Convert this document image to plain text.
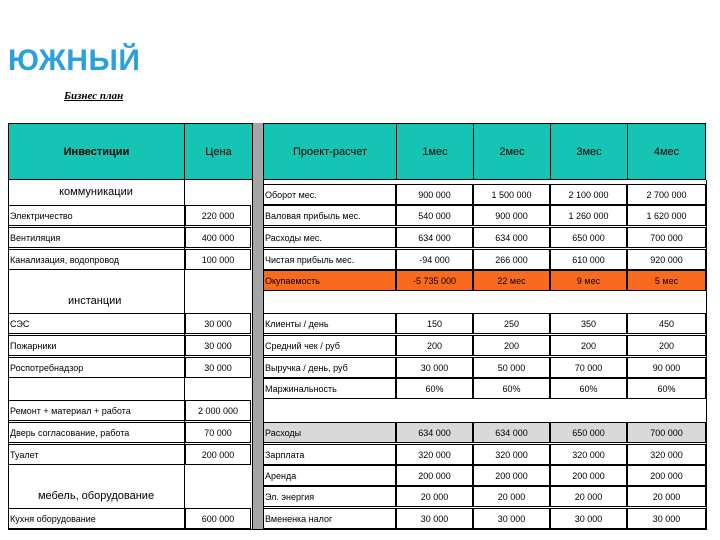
ЮЖНЫЙ
Бизнес план
Инвестиции	Цена	Проект-расчет	1мес	2мес	3мес	4мес
коммуникации
инстанции
мебель, оборудование
Электричество	220 000
Вентиляция	400 000
Канализация, водопровод	100 000
СЭС	30 000
Пожарники	30 000
Роспотребнадзор	30 000
Ремонт + материал + работа	2 000 000
Дверь согласование, работа	70 000
Туалет	200 000
Кухня оборудование	600 000
Оборот мес.	900 000	1 500 000	2 100 000	2 700 000
Валовая прибыль мес.	540 000	900 000	1 260 000	1 620 000
Расходы мес.	634 000	634 000	650 000	700 000
Чистая прибыль мес.	-94 000	266 000	610 000	920 000
Окупаемость	-5 735 000	22 мес	9 мес	5 мес
Клиенты / день	150	250	350	450
Средний чек / руб	200	200	200	200
Выручка / день, руб	30 000	50 000	70 000	90 000
Маржинальность	60%	60%	60%	60%
Расходы	634 000	634 000	650 000	700 000
Зарплата	320 000	320 000	320 000	320 000
Аренда	200 000	200 000	200 000	200 000
Эл. энергия	20 000	20 000	20 000	20 000
Вмененка налог	30 000	30 000	30 000	30 000
